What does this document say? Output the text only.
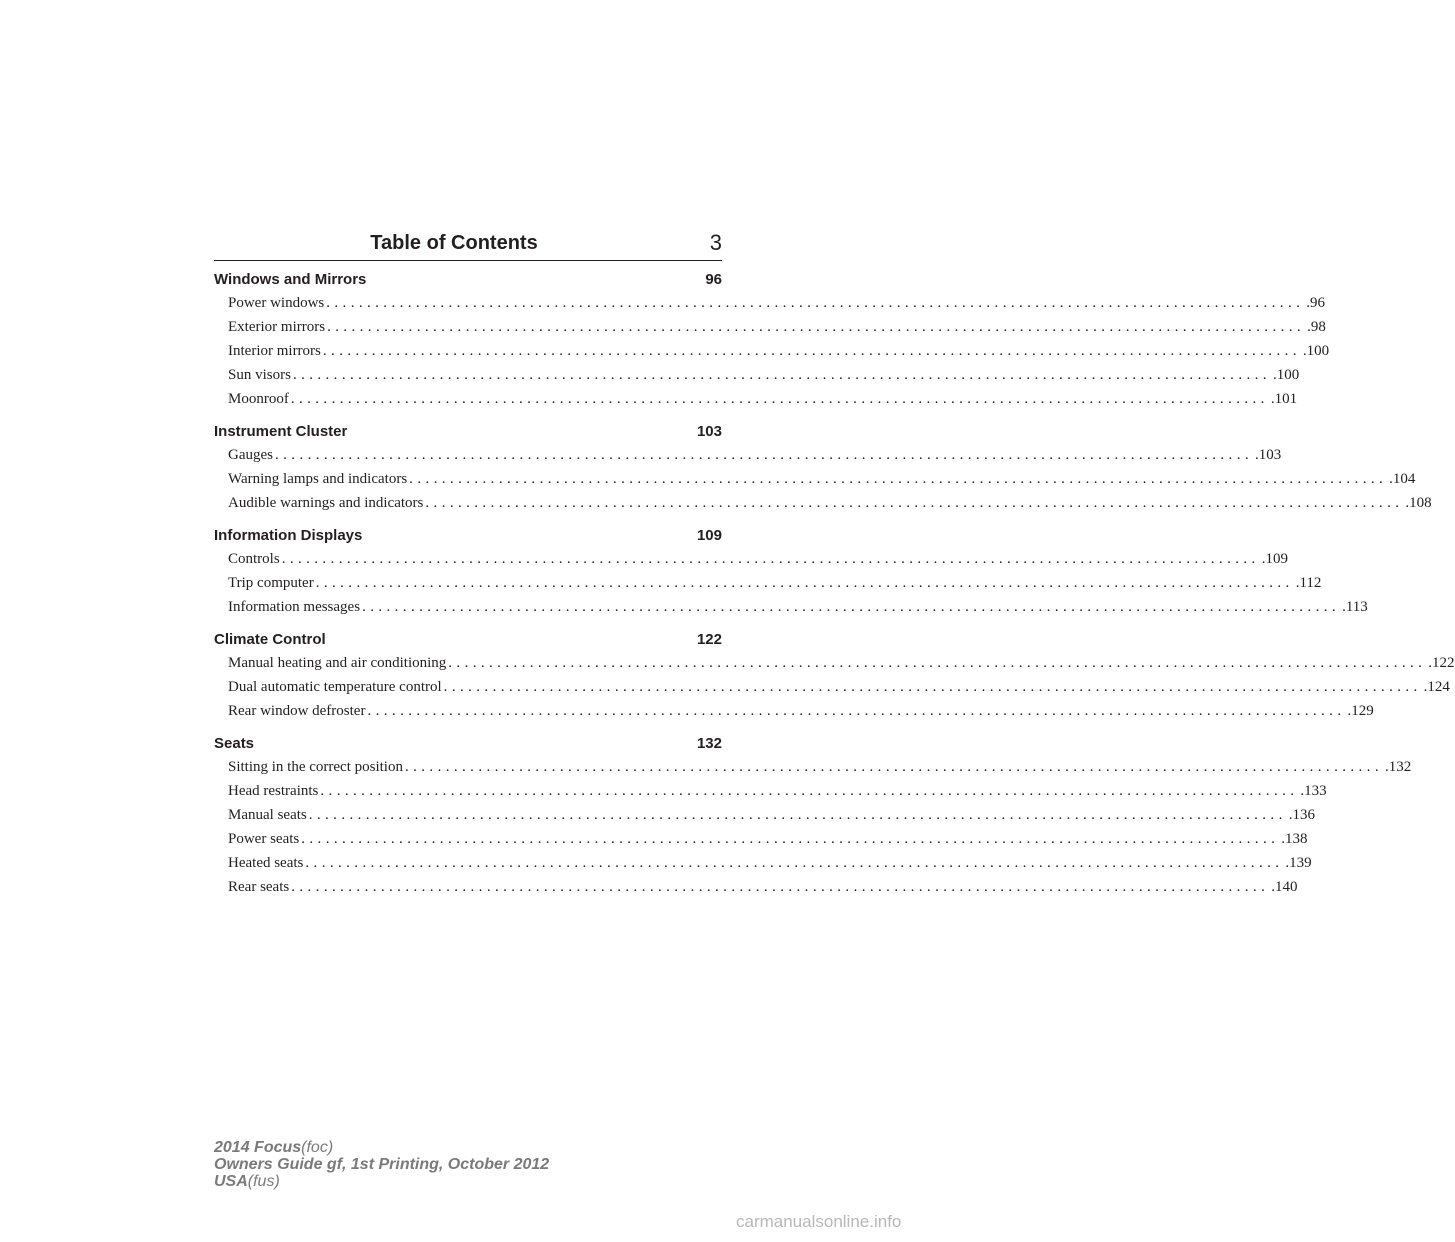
Table of Contents	3
Windows and Mirrors	96
Power windows ........................................................................................................................ .96
Exterior mirrors ........................................................................................................................ .98
Interior mirrors ........................................................................................................................ .100
Sun visors ........................................................................................................................ .100
Moonroof ........................................................................................................................ .101
Instrument Cluster	103
Gauges ........................................................................................................................ .103
Warning lamps and indicators ........................................................................................................................ .104
Audible warnings and indicators ........................................................................................................................ .108
Information Displays	109
Controls ........................................................................................................................ .109
Trip computer ........................................................................................................................ .112
Information messages ........................................................................................................................ .113
Climate Control	122
Manual heating and air conditioning ........................................................................................................................ .122
Dual automatic temperature control ........................................................................................................................ .124
Rear window defroster ........................................................................................................................ .129
Seats	132
Sitting in the correct position ........................................................................................................................ .132
Head restraints ........................................................................................................................ .133
Manual seats ........................................................................................................................ .136
Power seats ........................................................................................................................ .138
Heated seats ........................................................................................................................ .139
Rear seats ........................................................................................................................ .140
2014 Focus(foc)
Owners Guide gf, 1st Printing, October 2012
USA(fus)
carmanualsonline.info
